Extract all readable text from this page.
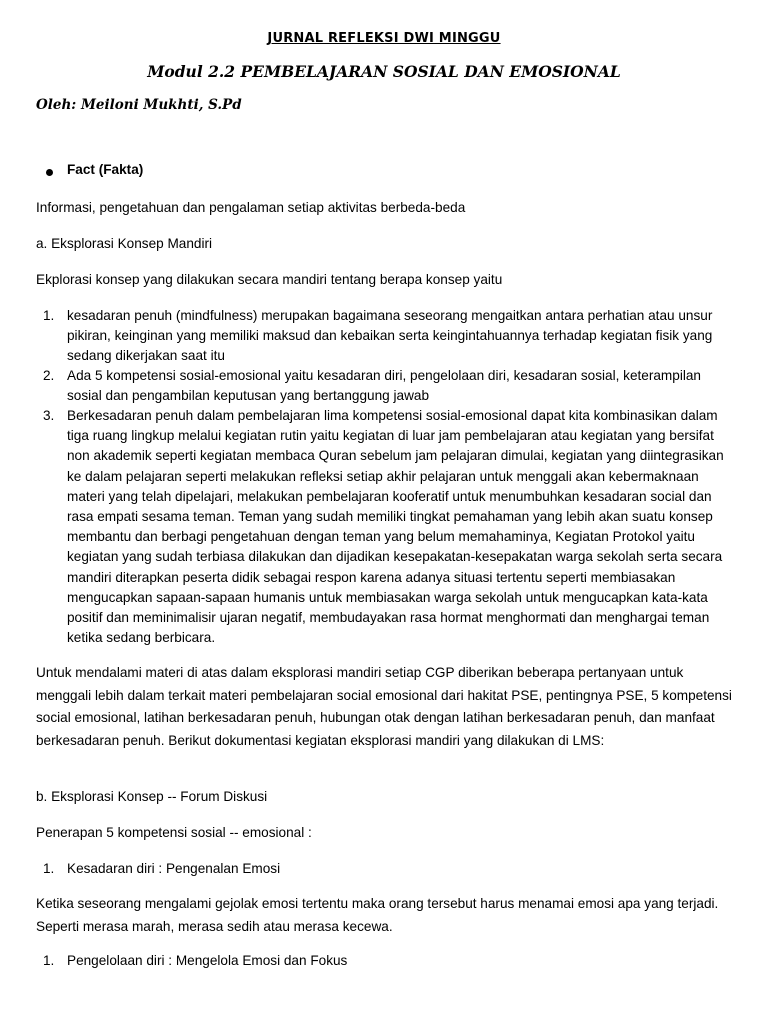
JURNAL REFLEKSI DWI MINGGU
Modul 2.2 PEMBELAJARAN SOSIAL DAN EMOSIONAL
Oleh: Meiloni Mukhti, S.Pd
Fact (Fakta)
Informasi, pengetahuan dan pengalaman setiap aktivitas berbeda-beda
a. Eksplorasi Konsep Mandiri
Ekplorasi konsep yang dilakukan secara mandiri tentang berapa konsep yaitu
1. kesadaran penuh (mindfulness) merupakan bagaimana seseorang mengaitkan antara perhatian atau unsur pikiran, keinginan yang memiliki maksud dan kebaikan serta keingintahuannya terhadap kegiatan fisik yang sedang dikerjakan saat itu
2. Ada 5 kompetensi sosial-emosional yaitu kesadaran diri, pengelolaan diri, kesadaran sosial, keterampilan sosial dan pengambilan keputusan yang bertanggung jawab
3. Berkesadaran penuh dalam pembelajaran lima kompetensi sosial-emosional dapat kita kombinasikan dalam tiga ruang lingkup melalui kegiatan rutin yaitu kegiatan di luar jam pembelajaran atau kegiatan yang bersifat non akademik seperti kegiatan membaca Quran sebelum jam pelajaran dimulai, kegiatan yang diintegrasikan ke dalam pelajaran seperti melakukan refleksi setiap akhir pelajaran untuk menggali akan kebermaknaan materi yang telah dipelajari, melakukan pembelajaran kooferatif untuk menumbuhkan kesadaran social dan rasa empati sesama teman. Teman yang sudah memiliki tingkat pemahaman yang lebih akan suatu konsep membantu dan berbagi pengetahuan dengan teman yang belum memahaminya, Kegiatan Protokol yaitu kegiatan yang sudah terbiasa dilakukan dan dijadikan kesepakatan-kesepakatan warga sekolah serta secara mandiri diterapkan peserta didik sebagai respon karena adanya situasi tertentu seperti membiasakan mengucapkan sapaan-sapaan humanis untuk membiasakan warga sekolah untuk mengucapkan kata-kata positif dan meminimalisir ujaran negatif, membudayakan rasa hormat menghormati dan menghargai teman ketika sedang berbicara.
Untuk mendalami materi di atas dalam eksplorasi mandiri setiap CGP diberikan beberapa pertanyaan untuk menggali lebih dalam terkait materi pembelajaran social emosional dari hakitat PSE, pentingnya PSE, 5 kompetensi social emosional, latihan berkesadaran penuh, hubungan otak dengan latihan berkesadaran penuh, dan manfaat berkesadaran penuh. Berikut dokumentasi kegiatan eksplorasi mandiri yang dilakukan di LMS:
b. Eksplorasi Konsep -- Forum Diskusi
Penerapan 5 kompetensi sosial -- emosional :
1. Kesadaran diri : Pengenalan Emosi
Ketika seseorang mengalami gejolak emosi tertentu maka orang tersebut harus menamai emosi apa yang terjadi. Seperti merasa marah, merasa sedih atau merasa kecewa.
1. Pengelolaan diri : Mengelola Emosi dan Fokus
